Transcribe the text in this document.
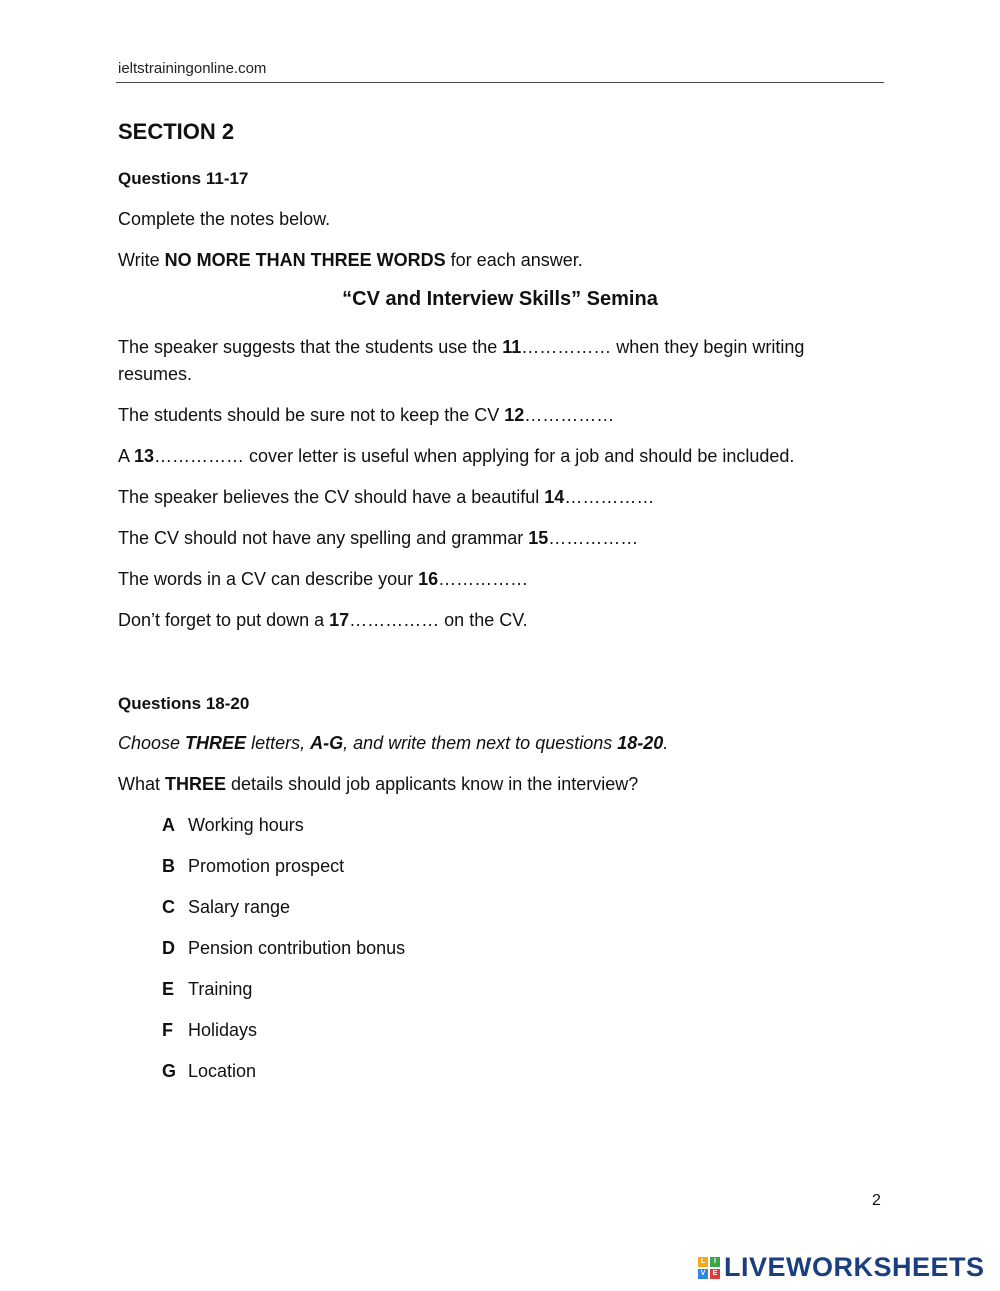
ieltstrainingonline.com
SECTION 2
Questions 11-17
Complete the notes below.
Write NO MORE THAN THREE WORDS for each answer.
“CV and Interview Skills” Semina
The speaker suggests that the students use the 11…………… when they begin writing resumes.
The students should be sure not to keep the CV 12……………
A 13…………… cover letter is useful when applying for a job and should be included.
The speaker believes the CV should have a beautiful 14……………
The CV should not have any spelling and grammar 15……………
The words in a CV can describe your 16……………
Don’t forget to put down a 17…………… on the CV.
Questions 18-20
Choose THREE letters, A-G, and write them next to questions 18-20.
What THREE details should job applicants know in the interview?
A Working hours
B Promotion prospect
C Salary range
D Pension contribution bonus
E Training
F Holidays
G Location
2
L	I
V	E LIVEWORKSHEETS
